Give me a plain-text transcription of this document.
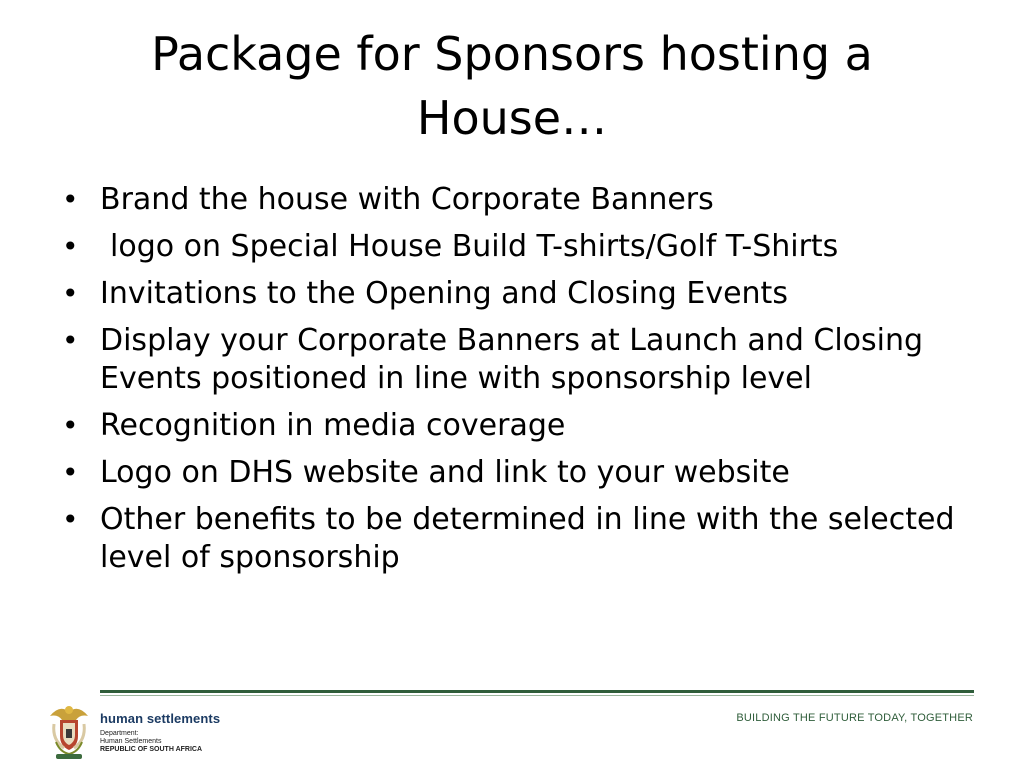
Package for Sponsors hosting a
House…
• Brand the house with Corporate Banners
• logo on Special House Build T-shirts/Golf T-Shirts
• Invitations to the Opening and Closing Events
• Display your Corporate Banners at Launch and Closing Events positioned in line with sponsorship level
• Recognition in media coverage
• Logo on DHS website and link to your website
• Other benefits to be determined in line with the selected level of sponsorship
human settlements
Department:
Human Settlements
REPUBLIC OF SOUTH AFRICA
BUILDING THE FUTURE TODAY, TOGETHER
